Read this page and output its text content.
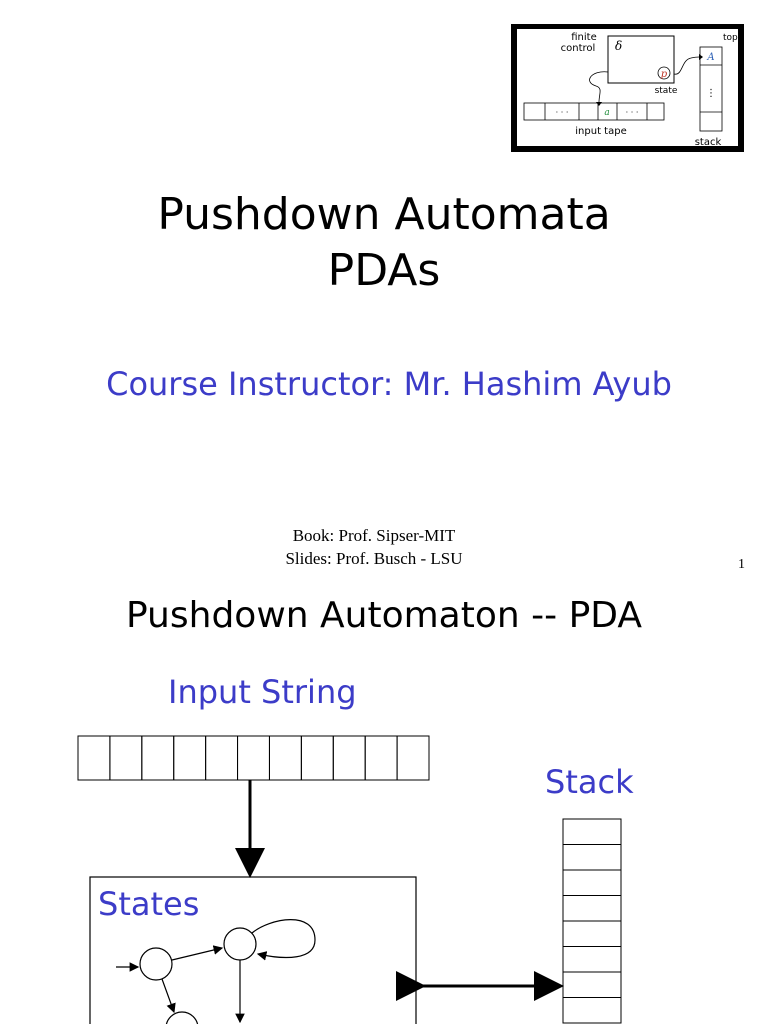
finite
control δ
p
state
· · ·	a · · ·
input tape
top
A
⋮
stack
Pushdown Automata
PDAs
Course Instructor: Mr. Hashim Ayub
Book: Prof. Sipser-MIT
Slides: Prof. Busch - LSU	1
Pushdown Automaton -- PDA
Input String
Stack
States
